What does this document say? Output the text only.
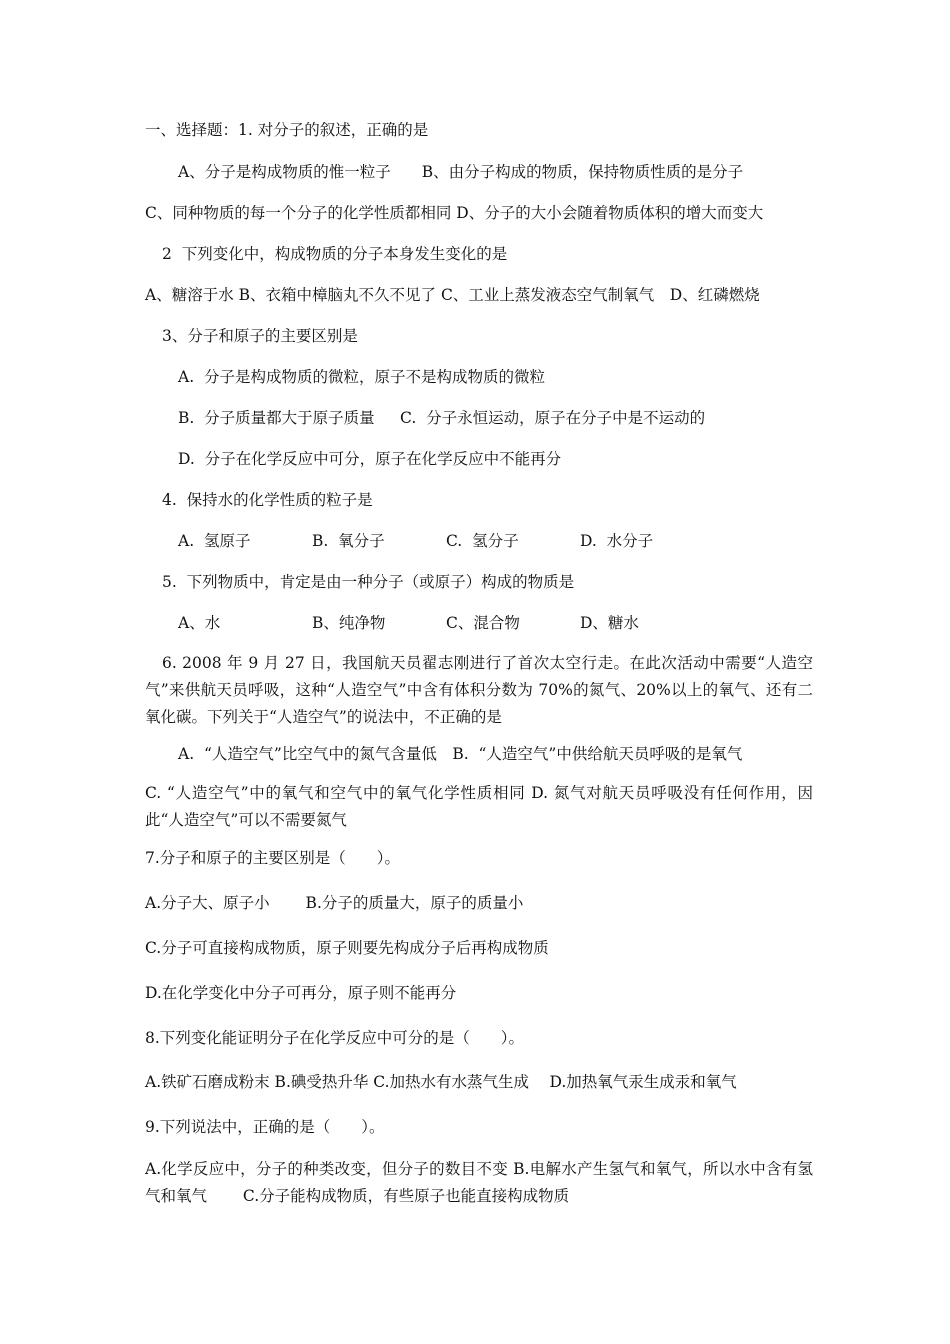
一、选择题：1. 对分子的叙述，正确的是
A、分子是构成物质的惟一粒子　　B、由分子构成的物质，保持物质性质的是分子
C、同种物质的每一个分子的化学性质都相同 D、分子的大小会随着物质体积的增大而变大
2  下列变化中，构成物质的分子本身发生变化的是
A、糖溶于水 B、衣箱中樟脑丸不久不见了 C、工业上蒸发液态空气制氧气　D、红磷燃烧
3、分子和原子的主要区别是
A.  分子是构成物质的微粒，原子不是构成物质的微粒
B.  分子质量都大于原子质量　  C.  分子永恒运动，原子在分子中是不运动的
D.  分子在化学反应中可分，原子在化学反应中不能再分
4.  保持水的化学性质的粒子是
A.  氢原子	B.  氧分子	C.  氢分子	D.  水分子
5.  下列物质中，肯定是由一种分子（或原子）构成的物质是
A、水	B、纯净物	C、混合物	D、糖水
6. 2008 年 9 月 27 日，我国航天员翟志刚进行了首次太空行走。在此次活动中需要“人造空气”来供航天员呼吸，这种“人造空气”中含有体积分数为 70%的氮气、20%以上的氧气、还有二氧化碳。下列关于“人造空气”的说法中，不正确的是
A.  “人造空气”比空气中的氮气含量低　B.  “人造空气”中供给航天员呼吸的是氧气
C. “人造空气”中的氧气和空气中的氧气化学性质相同 D. 氮气对航天员呼吸没有任何作用，因此“人造空气”可以不需要氮气
7.分子和原子的主要区别是（　　）。
A.分子大、原子小　　 B.分子的质量大，原子的质量小
C.分子可直接构成物质，原子则要先构成分子后再构成物质
D.在化学变化中分子可再分，原子则不能再分
8.下列变化能证明分子在化学反应中可分的是（　　）。
A.铁矿石磨成粉末 B.碘受热升华 C.加热水有水蒸气生成　 D.加热氧气汞生成汞和氧气
9.下列说法中，正确的是（　　）。
A.化学反应中，分子的种类改变，但分子的数目不变 B.电解水产生氢气和氧气，所以水中含有氢气和氧气　　 C.分子能构成物质，有些原子也能直接构成物质
